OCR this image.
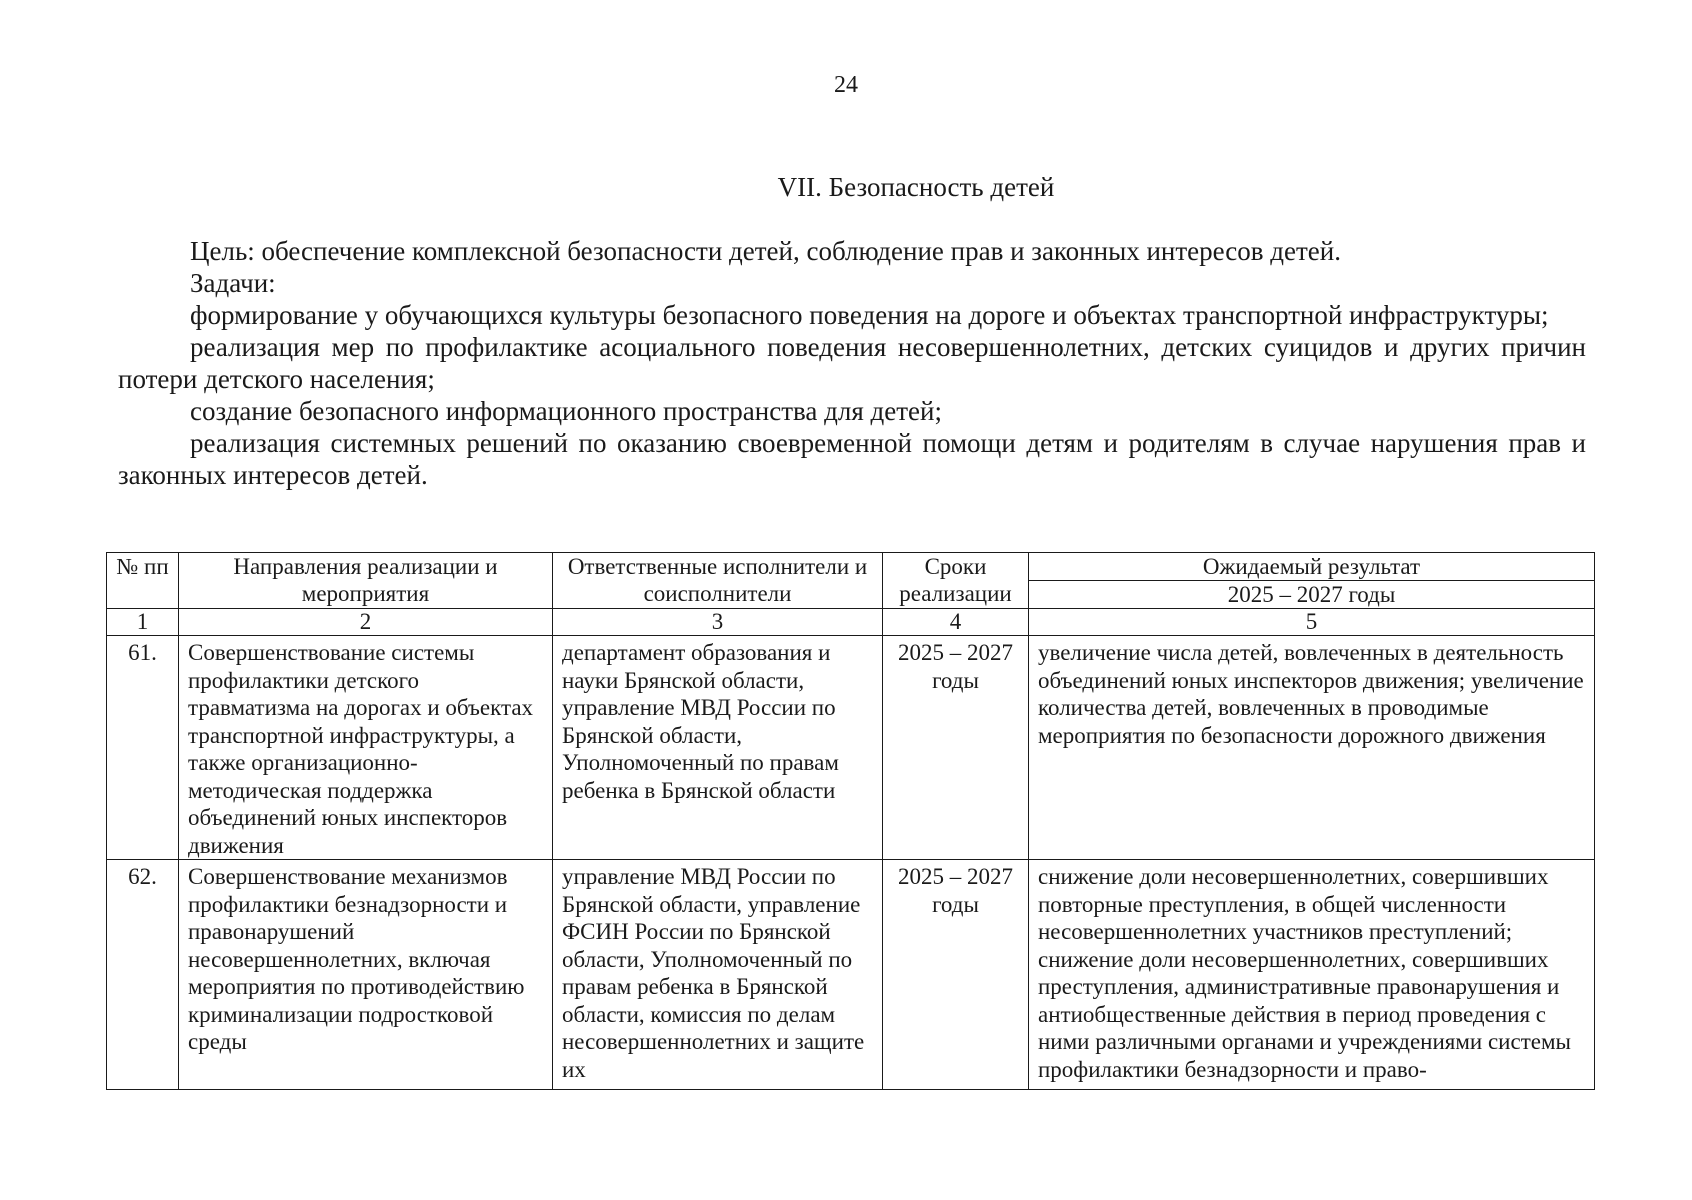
24
VII. Безопасность детей

Цель: обеспечение комплексной безопасности детей, соблюдение прав и законных интересов детей.

Задачи:

формирование у обучающихся культуры безопасного поведения на дороге и объектах транспортной инфраструктуры;

реализация мер по профилактике асоциального поведения несовершеннолетних, детских суицидов и других причин потери детского населения;

создание безопасного информационного пространства для детей;

реализация системных решений по оказанию своевременной помощи детям и родителям в случае нарушения прав и законных интересов детей.

№ пп	Направления реализации и мероприятия	Ответственные исполнители и соисполнители	Сроки реализации	Ожидаемый результат
				2025 – 2027 годы
1	2	3	4	5
61.	Совершенствование системы профилактики детского травматизма на дорогах и объектах транспортной инфраструктуры, а также организационно-методическая поддержка объединений юных инспекторов движения	департамент образования и науки Брянской области, управление МВД России по Брянской области, Уполномоченный по правам ребенка в Брянской области	2025 – 2027 годы	увеличение числа детей, вовлеченных в деятельность объединений юных инспекторов движения; увеличение количества детей, вовлеченных в проводимые мероприятия по безопасности дорожного движения
62.	Совершенствование механизмов профилактики безнадзорности и правонарушений несовершеннолетних, включая мероприятия по противодействию криминализации подростковой среды	управление МВД России по Брянской области, управление ФСИН России по Брянской области, Уполномоченный по правам ребенка в Брянской области, комиссия по делам несовершеннолетних и защите их	2025 – 2027 годы	снижение доли несовершеннолетних, совершивших повторные преступления, в общей численности несовершеннолетних участников преступлений; снижение доли несовершеннолетних, совершивших преступления, административные правонарушения и антиобщественные действия в период проведения с ними различными органами и учреждениями системы профилактики безнадзорности и право-
